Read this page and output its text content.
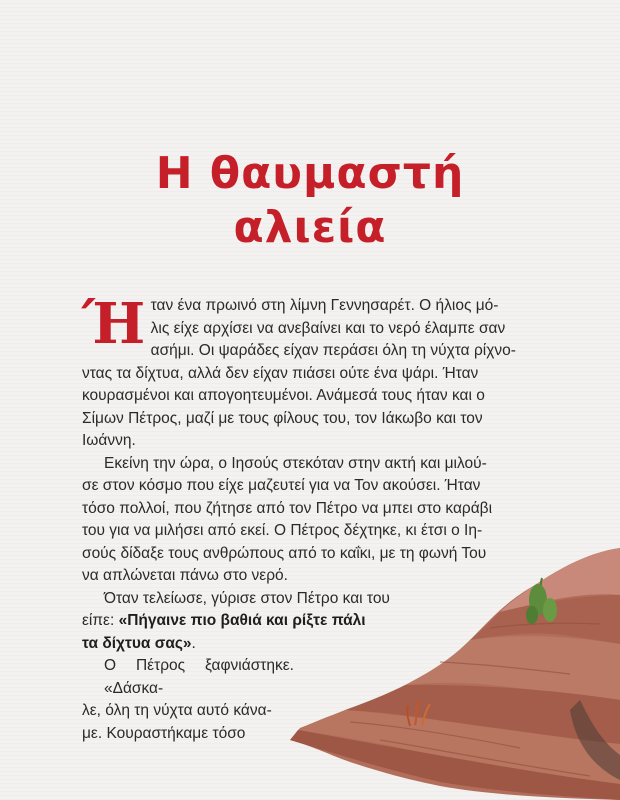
Η θαυμαστή
αλιεία

Ή ταν ένα πρωινό στη λίμνη Γεννησαρέτ. Ο ήλιος μό-
λις είχε αρχίσει να ανεβαίνει και το νερό έλαμπε σαν
ασήμι. Οι ψαράδες είχαν περάσει όλη τη νύχτα ρίχνο-
ντας τα δίχτυα, αλλά δεν είχαν πιάσει ούτε ένα ψάρι. Ήταν
κουρασμένοι και απογοητευμένοι. Ανάμεσά τους ήταν και ο
Σίμων Πέτρος, μαζί με τους φίλους του, τον Ιάκωβο και τον
Ιωάννη.

Εκείνη την ώρα, ο Ιησούς στεκόταν στην ακτή και μιλού-
σε στον κόσμο που είχε μαζευτεί για να Τον ακούσει. Ήταν
τόσο πολλοί, που ζήτησε από τον Πέτρο να μπει στο καράβι
του για να μιλήσει από εκεί. Ο Πέτρος δέχτηκε, κι έτσι ο Ιη-
σούς δίδαξε τους ανθρώπους από το καΐκι, με τη φωνή Του
να απλώνεται πάνω στο νερό.

Όταν τελείωσε, γύρισε στον Πέτρο και του
είπε: «Πήγαινε πιο βαθιά και ρίξτε πάλι
τα δίχτυα σας».

Ο Πέτρος ξαφνιάστηκε. «Δάσκα-
λε, όλη τη νύχτα αυτό κάνα-
με. Κουραστήκαμε τόσο
